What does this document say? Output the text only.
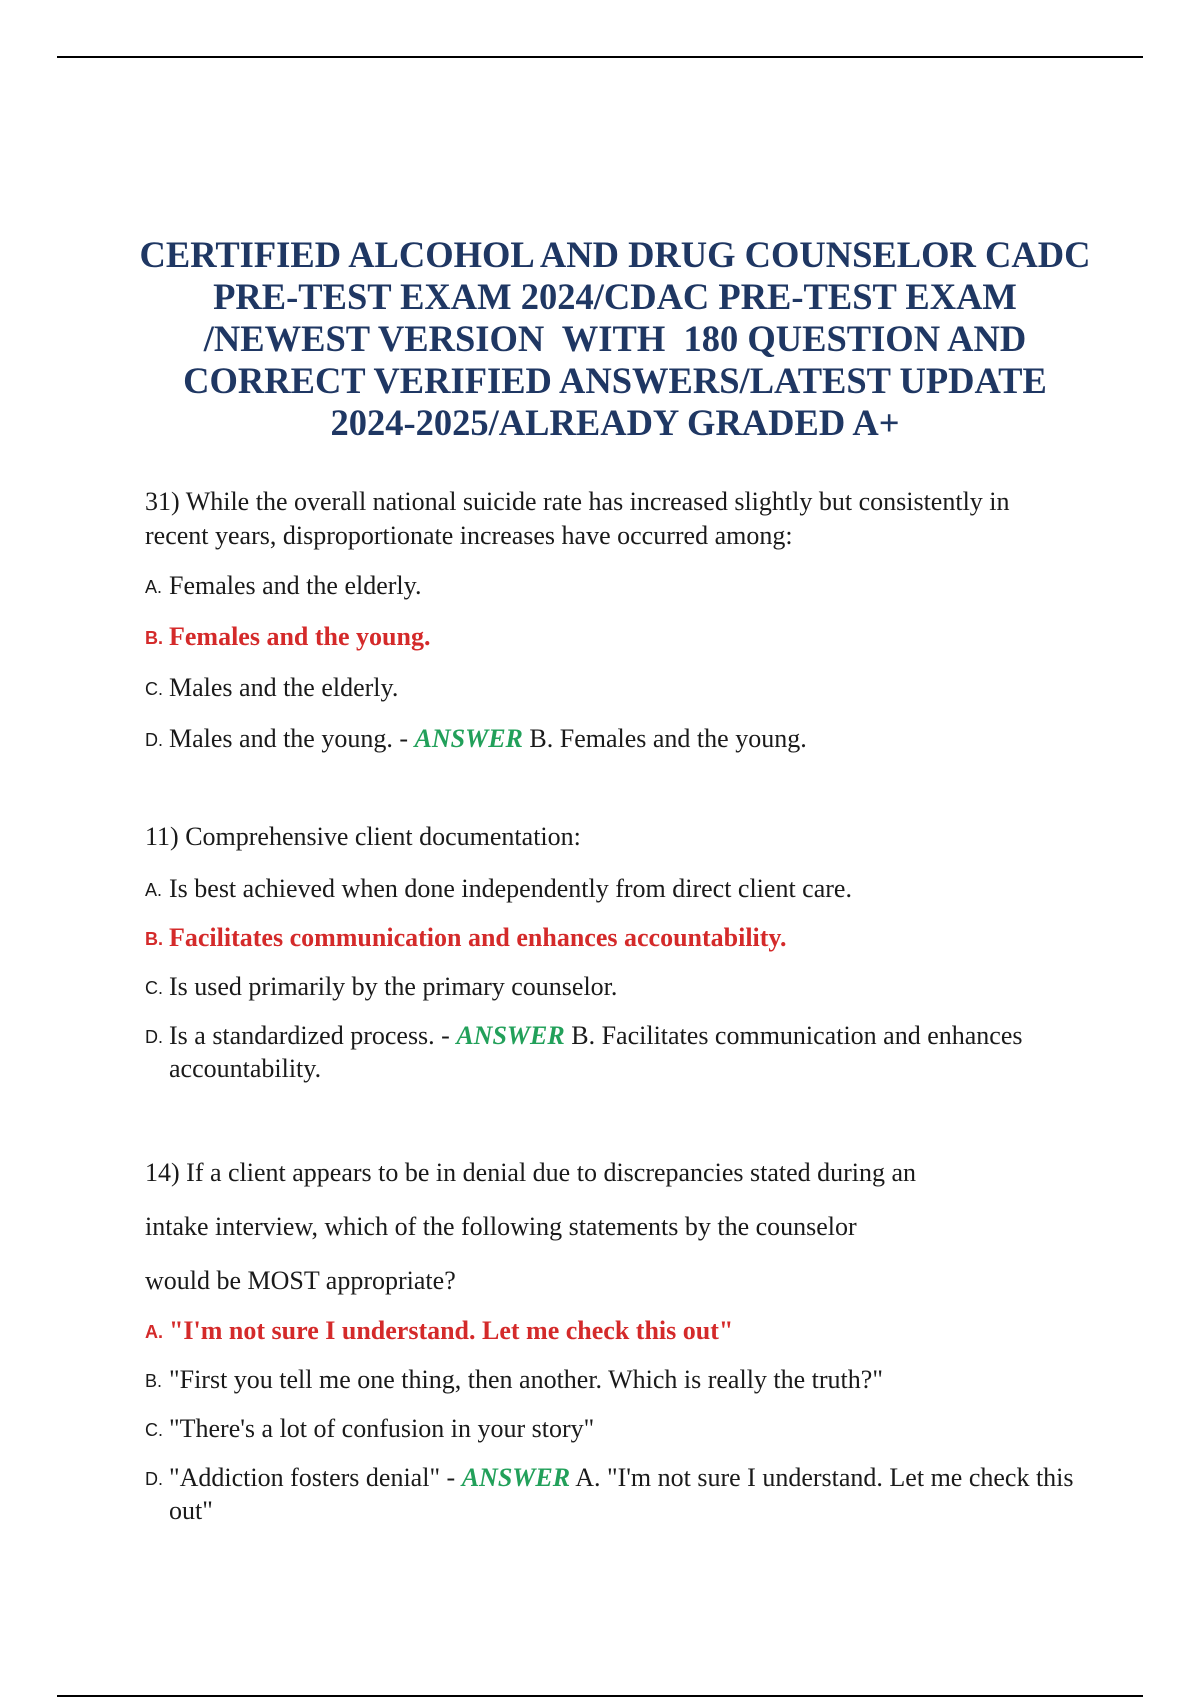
CERTIFIED ALCOHOL AND DRUG COUNSELOR CADC
PRE-TEST EXAM 2024/CDAC PRE-TEST EXAM
/NEWEST VERSION  WITH  180 QUESTION AND
CORRECT VERIFIED ANSWERS/LATEST UPDATE
2024-2025/ALREADY GRADED A+
31) While the overall national suicide rate has increased slightly but consistently in
recent years, disproportionate increases have occurred among:
A. Females and the elderly.
B. Females and the young.
C. Males and the elderly.
D. Males and the young. - ANSWER B. Females and the young.
11) Comprehensive client documentation:
A. Is best achieved when done independently from direct client care.
B. Facilitates communication and enhances accountability.
C. Is used primarily by the primary counselor.
D. Is a standardized process. - ANSWER B. Facilitates communication and enhances accountability.
14) If a client appears to be in denial due to discrepancies stated during an
intake interview, which of the following statements by the counselor
would be MOST appropriate?
A. "I'm not sure I understand. Let me check this out"
B. "First you tell me one thing, then another. Which is really the truth?"
C. "There's a lot of confusion in your story"
D. "Addiction fosters denial" - ANSWER A. "I'm not sure I understand. Let me check this out"
